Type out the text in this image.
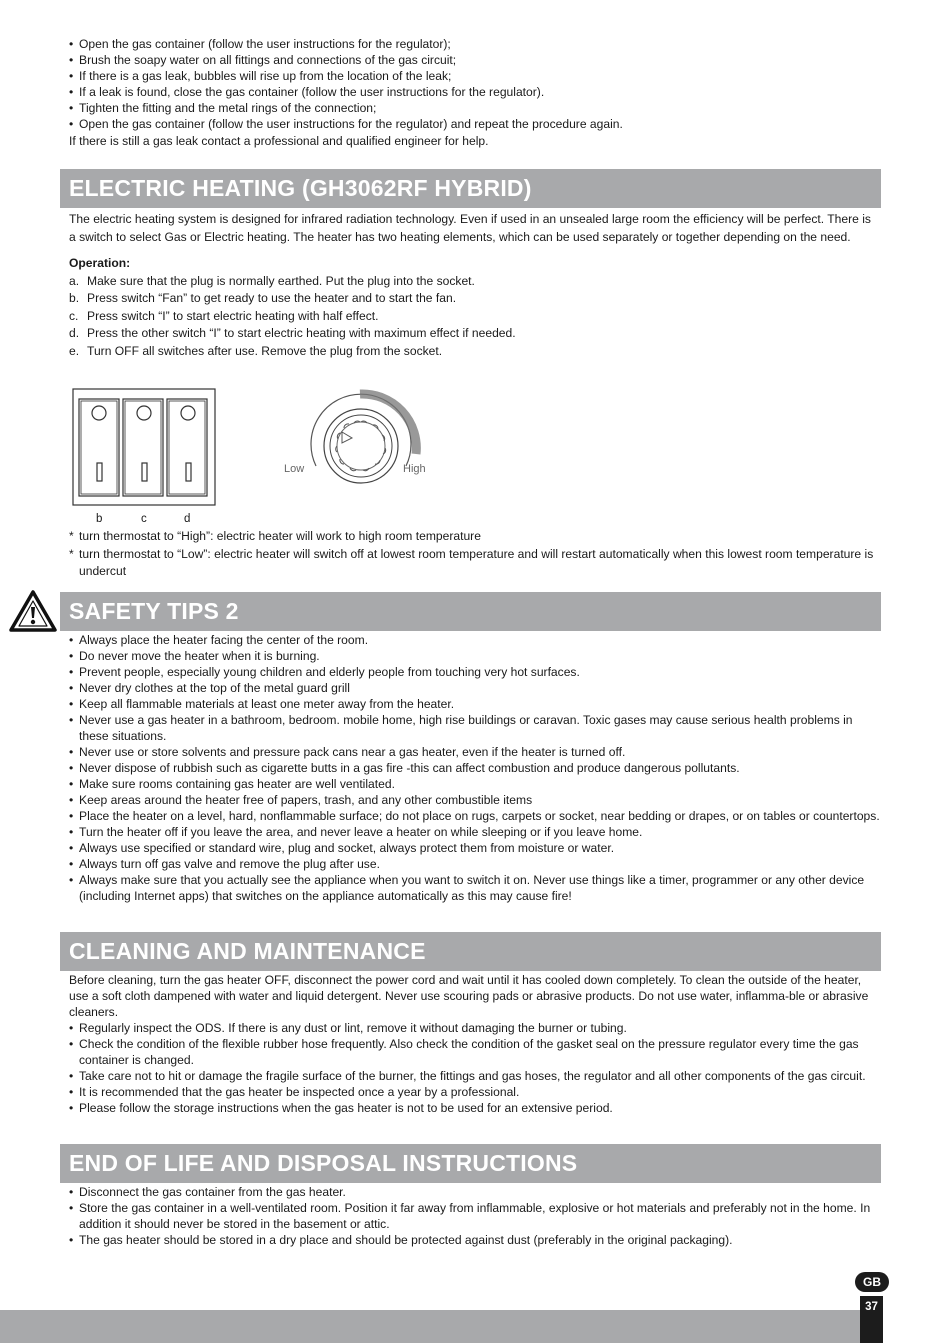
• Open the gas container (follow the user instructions for the regulator);
• Brush the soapy water on all fittings and connections of the gas circuit;
• If there is a gas leak, bubbles will rise up from the location of the leak;
• If a leak is found, close the gas container (follow the user instructions for the regulator).
• Tighten the fitting and the metal rings of the connection;
• Open the gas container (follow the user instructions for the regulator) and repeat the procedure again.
If there is still a gas leak contact a professional and qualified engineer for help.
ELECTRIC HEATING (GH3062RF HYBRID)
The electric heating system is designed for infrared radiation technology. Even if used in an unsealed large room the efficiency will be perfect. There is a switch to select Gas or Electric heating. The heater has two heating elements, which can be used separately or together depending on the need.
Operation:
a. Make sure that the plug is normally earthed. Put the plug into the socket.
b. Press switch “Fan” to get ready to use the heater and to start the fan.
c. Press switch “I” to start electric heating with half effect.
d. Press the other switch “I” to start electric heating with maximum effect if needed.
e. Turn OFF all switches after use. Remove the plug from the socket.
b	c	d
Low	High
* turn thermostat to “High”: electric heater will work to high room temperature
* turn thermostat to “Low”: electric heater will switch off at lowest room temperature and will restart automatically when this lowest room temperature is undercut
SAFETY TIPS 2
• Always place the heater facing the center of the room.
• Do never move the heater when it is burning.
• Prevent people, especially young children and elderly people from touching very hot surfaces.
• Never dry clothes at the top of the metal guard grill
• Keep all flammable materials at least one meter away from the heater.
• Never use a gas heater in a bathroom, bedroom. mobile home, high rise buildings or caravan. Toxic gases may cause serious health problems in these situations.
• Never use or store solvents and pressure pack cans near a gas heater, even if the heater is turned off.
• Never dispose of rubbish such as cigarette butts in a gas fire -this can affect combustion and produce dangerous pollutants.
• Make sure rooms containing gas heater are well ventilated.
• Keep areas around the heater free of papers, trash, and any other combustible items
• Place the heater on a level, hard, nonflammable surface; do not place on rugs, carpets or socket, near bedding or drapes, or on tables or countertops.
• Turn the heater off if you leave the area, and never leave a heater on while sleeping or if you leave home.
• Always use specified or standard wire, plug and socket, always protect them from moisture or water.
• Always turn off gas valve and remove the plug after use.
• Always make sure that you actually see the appliance when you want to switch it on. Never use things like a timer, programmer or any other device (including Internet apps) that switches on the appliance automatically as this may cause fire!
CLEANING AND MAINTENANCE
Before cleaning, turn the gas heater OFF, disconnect the power cord and wait until it has cooled down completely. To clean the outside of the heater, use a soft cloth dampened with water and liquid detergent. Never use scouring pads or abrasive products. Do not use water, inflamma-ble or abrasive cleaners.
• Regularly inspect the ODS. If there is any dust or lint, remove it without damaging the burner or tubing.
• Check the condition of the flexible rubber hose frequently. Also check the condition of the gasket seal on the pressure regulator every time the gas container is changed.
• Take care not to hit or damage the fragile surface of the burner, the fittings and gas hoses, the regulator and all other components of the gas circuit.
• It is recommended that the gas heater be inspected once a year by a professional.
• Please follow the storage instructions when the gas heater is not to be used for an extensive period.
END OF LIFE AND DISPOSAL INSTRUCTIONS
• Disconnect the gas container from the gas heater.
• Store the gas container in a well-ventilated room. Position it far away from inflammable, explosive or hot materials and preferably not in the home. In addition it should never be stored in the basement or attic.
• The gas heater should be stored in a dry place and should be protected against dust (preferably in the original packaging).
GB
37
